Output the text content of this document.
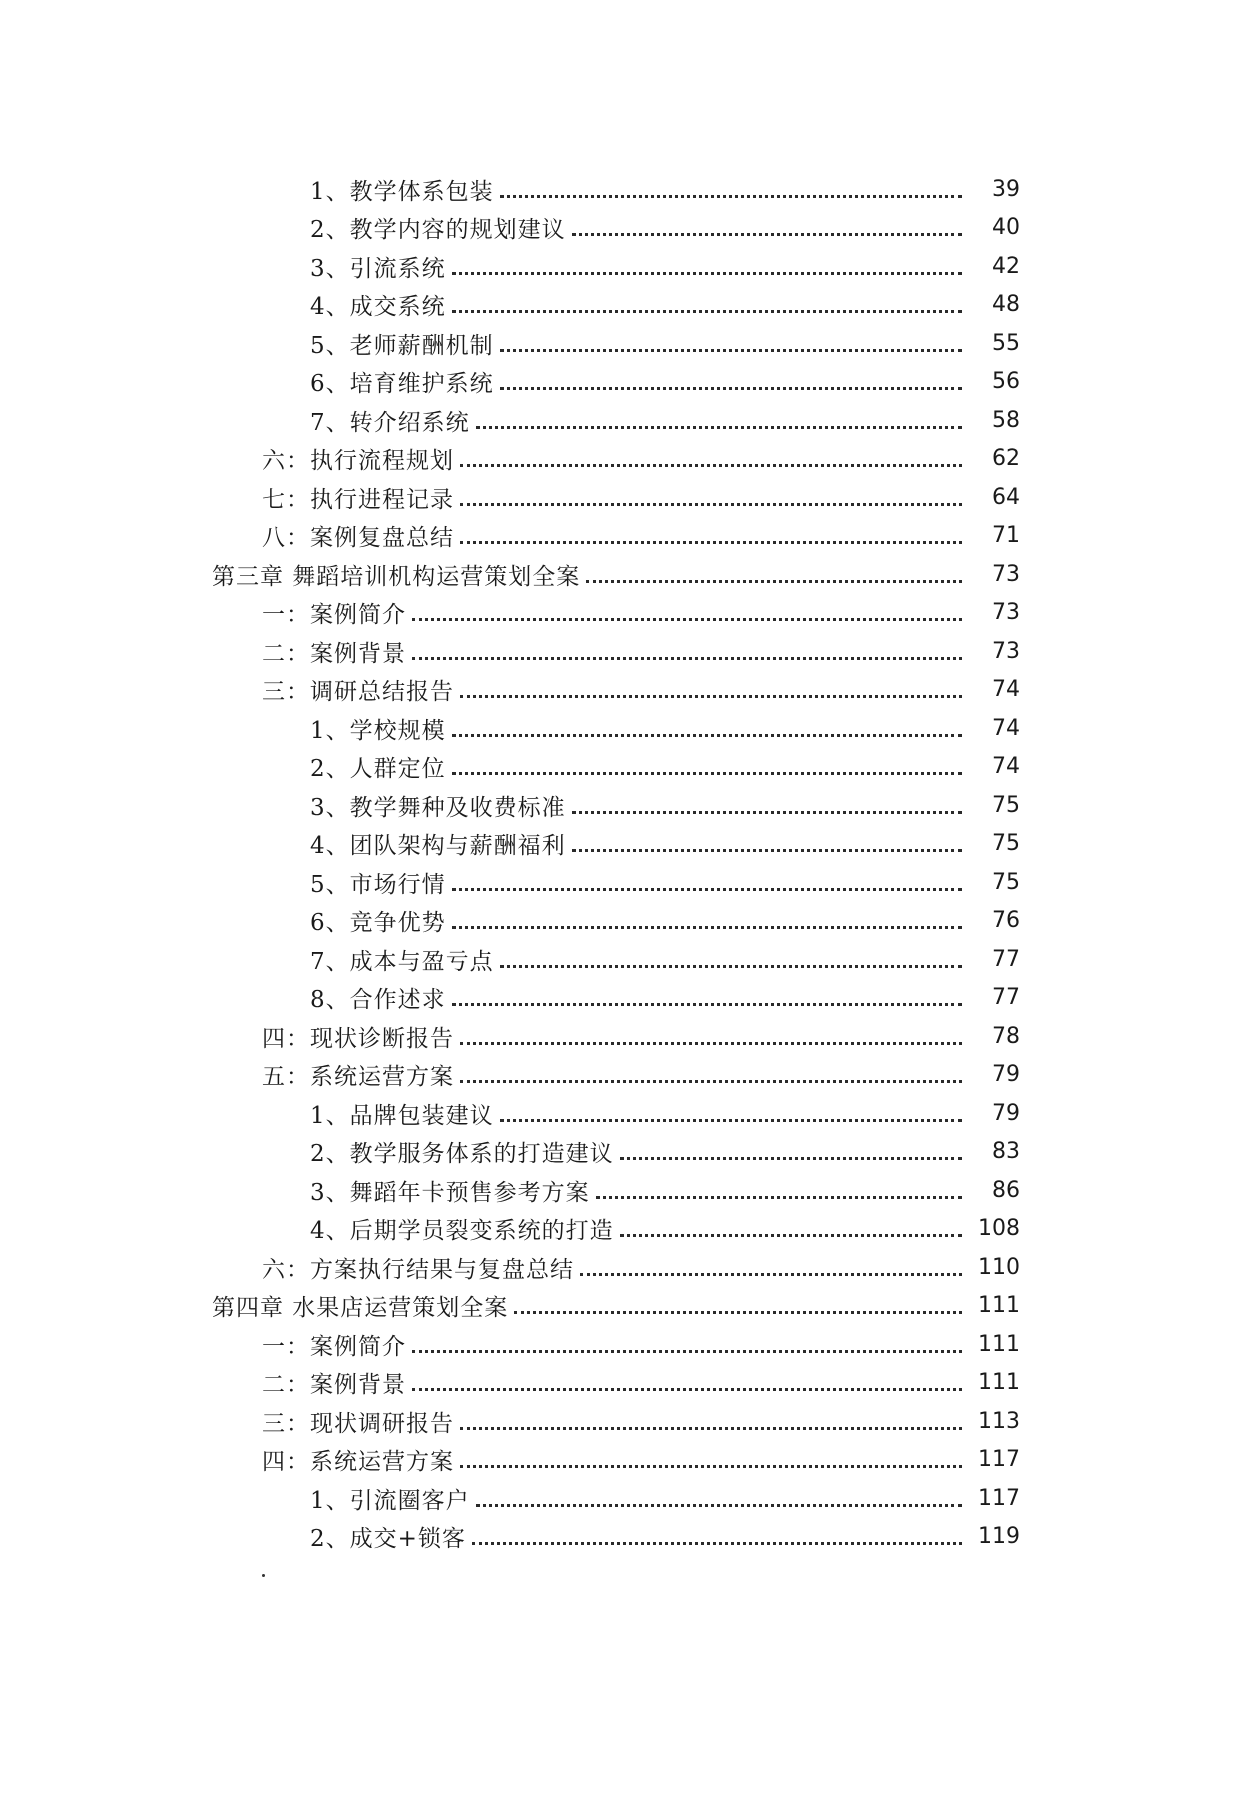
1、教学体系包装	39
2、教学内容的规划建议	40
3、引流系统	42
4、成交系统	48
5、老师薪酬机制	55
6、培育维护系统	56
7、转介绍系统	58
六：执行流程规划	62
七：执行进程记录	64
八：案例复盘总结	71
第三章 舞蹈培训机构运营策划全案	73
一：案例简介	73
二：案例背景	73
三：调研总结报告	74
1、学校规模	74
2、人群定位	74
3、教学舞种及收费标准	75
4、团队架构与薪酬福利	75
5、市场行情	75
6、竞争优势	76
7、成本与盈亏点	77
8、合作述求	77
四：现状诊断报告	78
五：系统运营方案	79
1、品牌包装建议	79
2、教学服务体系的打造建议	83
3、舞蹈年卡预售参考方案	86
4、后期学员裂变系统的打造	108
六：方案执行结果与复盘总结	110
第四章 水果店运营策划全案	111
一：案例简介	111
二：案例背景	111
三：现状调研报告	113
四：系统运营方案	117
1、引流圈客户	117
2、成交+锁客	119
